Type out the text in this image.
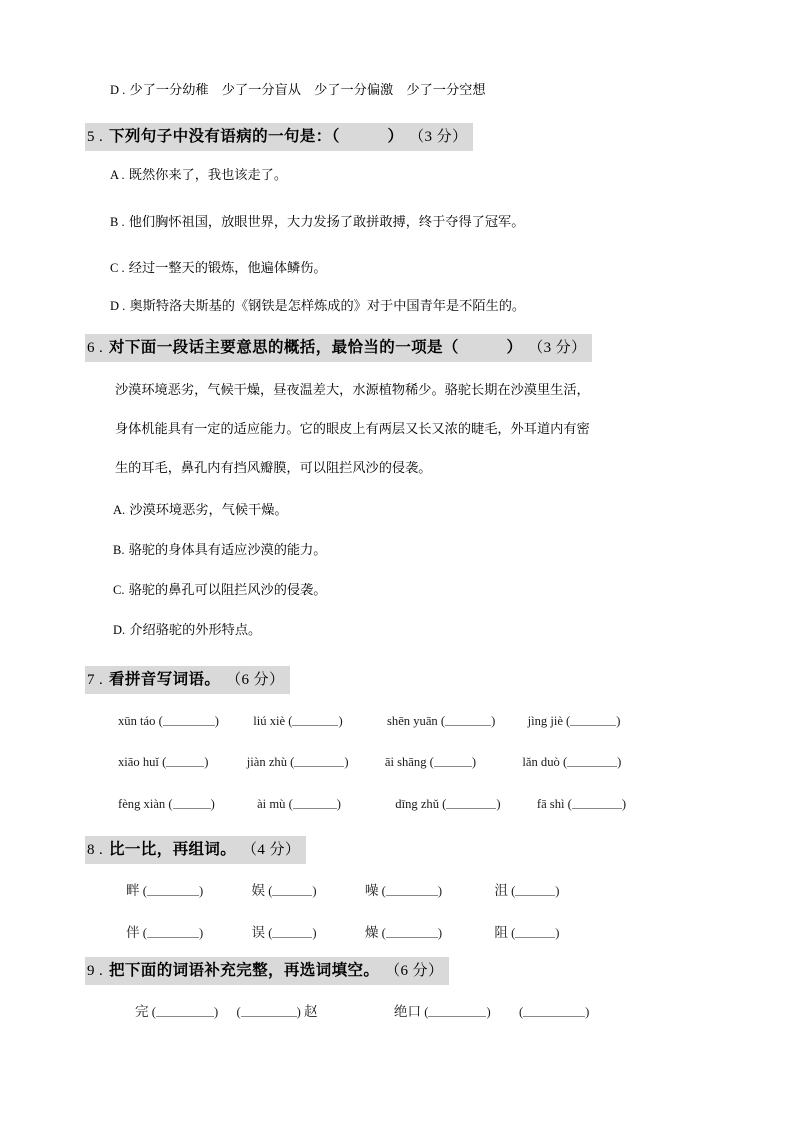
D . 少了一分幼稚　少了一分盲从　少了一分偏激　少了一分空想
5 . 下列句子中没有语病的一句是：（　　　） （3 分）
A . 既然你来了，我也该走了。
B . 他们胸怀祖国，放眼世界，大力发扬了敢拼敢搏，终于夺得了冠军。
C . 经过一整天的锻炼，他遍体鳞伤。
D . 奥斯特洛夫斯基的《钢铁是怎样炼成的》对于中国青年是不陌生的。
6 . 对下面一段话主要意思的概括，最恰当的一项是（　　　） （3 分）
沙漠环境恶劣，气候干燥，昼夜温差大，水源植物稀少。骆驼长期在沙漠里生活，
身体机能具有一定的适应能力。它的眼皮上有两层又长又浓的睫毛，外耳道内有密
生的耳毛，鼻孔内有挡风瓣膜，可以阻拦风沙的侵袭。
A. 沙漠环境恶劣，气候干燥。
B. 骆驼的身体具有适应沙漠的能力。
C. 骆驼的鼻孔可以阻拦风沙的侵袭。
D. 介绍骆驼的外形特点。
7 . 看拼音写词语。 （6 分）
xūn táo (	)	liú xiè (	)	shēn yuān (	)	jìng jiè (	)
xiāo huǐ (	)	jiàn zhù (	)	āi shāng (	)	lǎn duò (	)
fèng xiàn (	)	ài mù (	)	dīng zhǔ (	)	fā shì (	)
8 . 比一比，再组词。 （4 分）
畔 (	)	娱 (	)	噪 (	)	沮 (	)
伴 (	)	误 (	)	燥 (	)	阻 (	)
9 . 把下面的词语补充完整，再选词填空。 （6 分）
完 (	) (	) 赵	绝口 (	) (	)
